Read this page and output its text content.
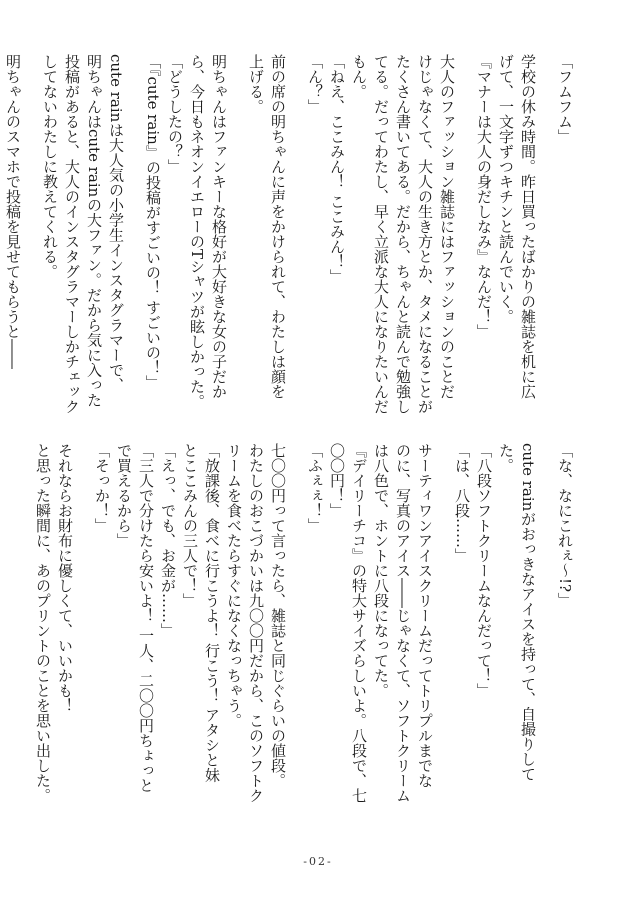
「フムフム」
学校の休み時間。昨日買ったばかりの雑誌を机に広
げて、一文字ずつキチンと読んでいく。
『マナーは大人の身だしなみ』なんだ！」
大人のファッション雑誌にはファッションのことだ
けじゃなくて、大人の生き方とか、タメになることが
たくさん書いてある。だから、ちゃんと読んで勉強し
てる。だってわたし、早く立派な大人になりたいんだ
もん。
「ねえ、ここみん！ ここみん！」
「ん？」
前の席の明ちゃんに声をかけられて、わたしは顔を
上げる。
明ちゃんはファンキーな格好が大好きな女の子だか
ら、今日もネオンイエローのTシャツが眩しかった。
「どうしたの？」
「『cute rain』の投稿がすごいの！ すごいの！」
cute rainは大人気の小学生インスタグラマーで、
明ちゃんはcute rainの大ファン。だから気に入った
投稿があると、大人のインスタグラマーしかチェック
してないわたしに教えてくれる。
明ちゃんのスマホで投稿を見せてもらうと――
「な、なにこれぇ～!?」
cute rainがおっきなアイスを持って、自撮りして
た。
「八段ソフトクリームなんだって！」
「は、八段……」
サーティワンアイスクリームだってトリプルまでな
のに、写真のアイス――じゃなくて、ソフトクリーム
は八色で、ホントに八段になってた。
『デイリーチコ』の特大サイズらしいよ。八段で、七
〇〇円！」
「ふぇぇ！」
七〇〇円って言ったら、雑誌と同じぐらいの値段。
わたしのおこづかいは九〇〇円だから、このソフトク
リームを食べたらすぐになくなっちゃう。
「放課後、食べに行こうよ！ 行こう！ アタシと妹
とここみんの三人で！」
「えっ、でも、お金が……」
「三人で分けたら安いよ！ 一人、二〇〇円ちょっと
で買えるから」
「そっか！」
それならお財布に優しくて、いいかも！
と思った瞬間に、あのプリントのことを思い出した。
-02-
